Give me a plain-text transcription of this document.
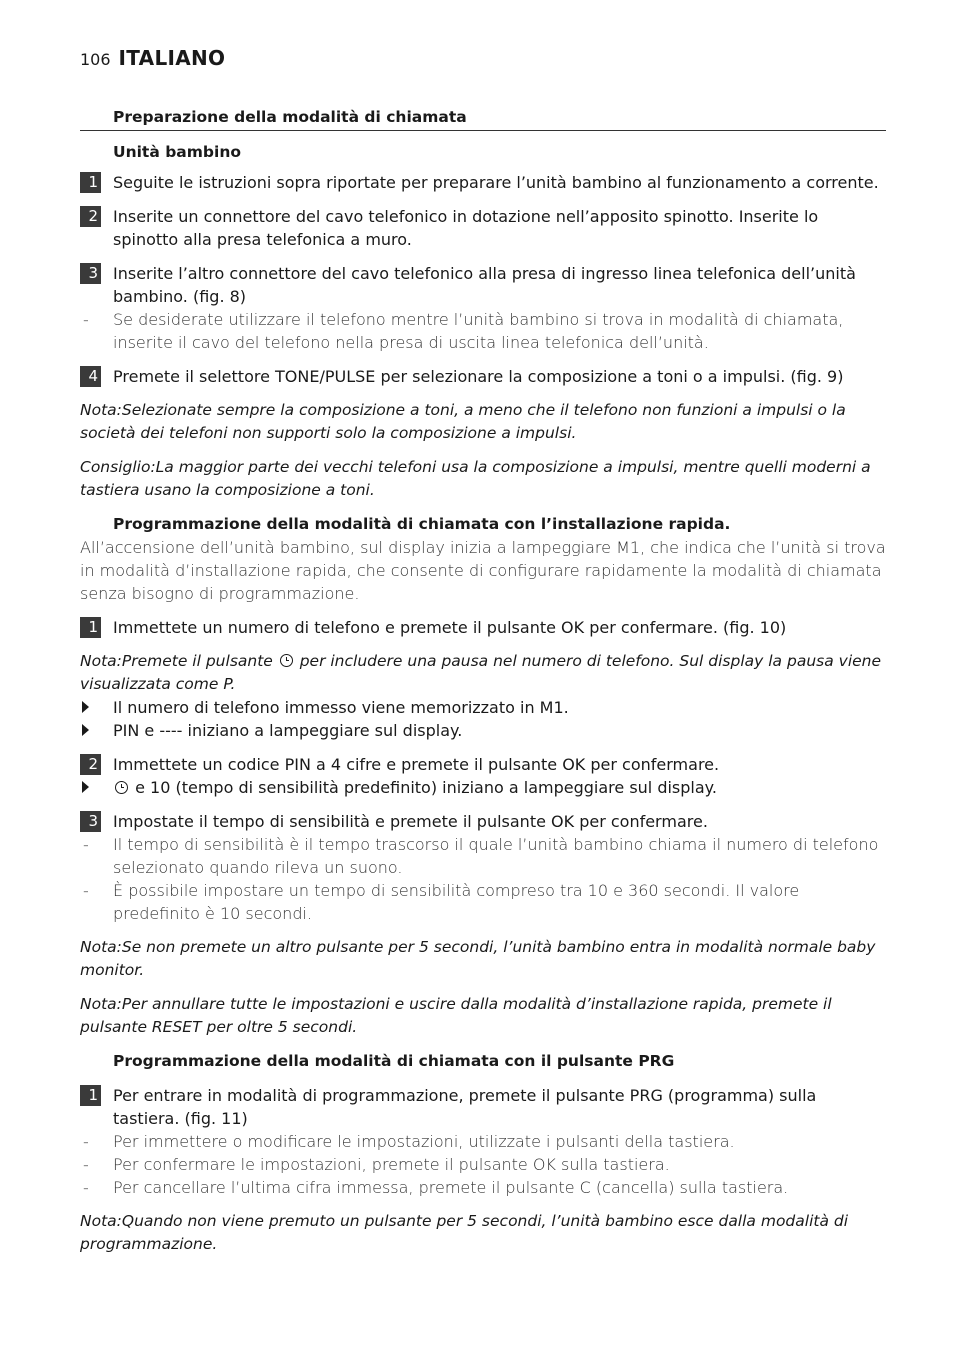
106 ITALIANO
Preparazione della modalità di chiamata
Unità bambino
1 Seguite le istruzioni sopra riportate per preparare l’unità bambino al funzionamento a corrente.
2 Inserite un connettore del cavo telefonico in dotazione nell’apposito spinotto. Inserite lo spinotto alla presa telefonica a muro.
3 Inserite l’altro connettore del cavo telefonico alla presa di ingresso linea telefonica dell’unità bambino. (fig. 8)
-	Se desiderate utilizzare il telefono mentre l’unità bambino si trova in modalità di chiamata, inserite il cavo del telefono nella presa di uscita linea telefonica dell’unità.
4 Premete il selettore TONE/PULSE per selezionare la composizione a toni o a impulsi. (fig. 9)
Nota:Selezionate sempre la composizione a toni, a meno che il telefono non funzioni a impulsi o la società dei telefoni non supporti solo la composizione a impulsi.
Consiglio:La maggior parte dei vecchi telefoni usa la composizione a impulsi, mentre quelli moderni a tastiera usano la composizione a toni.
Programmazione della modalità di chiamata con l’installazione rapida.
All’accensione dell’unità bambino, sul display inizia a lampeggiare M1, che indica che l’unità si trova in modalità d’installazione rapida, che consente di configurare rapidamente la modalità di chiamata senza bisogno di programmazione.
1 Immettete un numero di telefono e premete il pulsante OK per confermare. (fig. 10)
Nota:Premete il pulsante per includere una pausa nel numero di telefono. Sul display la pausa viene visualizzata come P.
Il numero di telefono immesso viene memorizzato in M1.
PIN e ---- iniziano a lampeggiare sul display.
2 Immettete un codice PIN a 4 cifre e premete il pulsante OK per confermare.
e 10 (tempo di sensibilità predefinito) iniziano a lampeggiare sul display.
3 Impostate il tempo di sensibilità e premete il pulsante OK per confermare.
-	Il tempo di sensibilità è il tempo trascorso il quale l’unità bambino chiama il numero di telefono selezionato quando rileva un suono.
-	È possibile impostare un tempo di sensibilità compreso tra 10 e 360 secondi. Il valore predefinito è 10 secondi.
Nota:Se non premete un altro pulsante per 5 secondi, l’unità bambino entra in modalità normale baby monitor.
Nota:Per annullare tutte le impostazioni e uscire dalla modalità d’installazione rapida, premete il pulsante RESET per oltre 5 secondi.
Programmazione della modalità di chiamata con il pulsante PRG
1 Per entrare in modalità di programmazione, premete il pulsante PRG (programma) sulla tastiera. (fig. 11)
-	Per immettere o modificare le impostazioni, utilizzate i pulsanti della tastiera.
-	Per confermare le impostazioni, premete il pulsante OK sulla tastiera.
-	Per cancellare l’ultima cifra immessa, premete il pulsante C (cancella) sulla tastiera.
Nota:Quando non viene premuto un pulsante per 5 secondi, l’unità bambino esce dalla modalità di programmazione.
